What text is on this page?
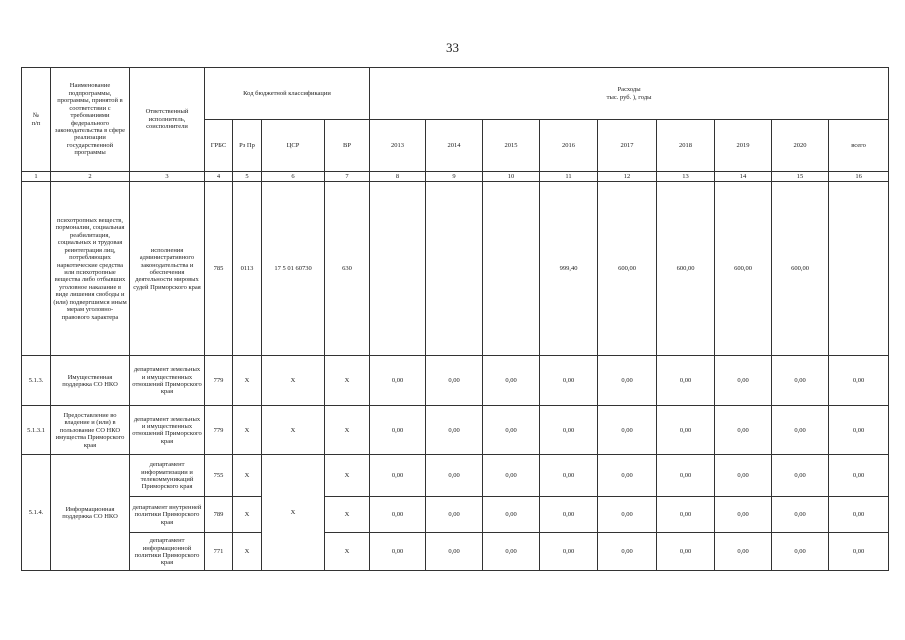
33
№
п/п	Наименование подпрограммы, программы, принятой в соответствии с требованиями федерального законодательства в сфере реализации государственной программы	Ответственный исполнитель, соисполнители	Код бюджетной классификации				Расходы
тыс. руб. ), годы								
			ГРБС	Рз Пр	ЦСР	ВР	2013	2014	2015	2016	2017	2018	2019	2020	всего
1	2	3	4	5	6	7	8	9	10	11	12	13	14	15	16
	психотропных веществ, пормоналии, социальная реабилитация, социальных и трудовая реинтеграция лиц, потребляющих наркотические средства или психотропные вещества либо отбывших уголовное наказание в виде лишения свободы и (или) подвергшимся иным мерам уголовно-правового характера	исполнения административного законодательства и обеспечения деятельности мировых судей Приморского края	785	0113	17 5 01 60730	630				999,40	600,00	600,00	600,00	600,00	
5.1.3.	Имущественная поддержка СО НКО	департамент земельных и имущественных отношений Приморского края	779	Х	Х	Х	0,00	0,00	0,00	0,00	0,00	0,00	0,00	0,00	0,00
5.1.3.1	Предоставление во владение и (или) в пользование СО НКО имущества Приморского края	департамент земельных и имущественных отношений Приморского края	779	Х	Х	Х	0,00	0,00	0,00	0,00	0,00	0,00	0,00	0,00	0,00
5.1.4.	Информационная поддержка СО НКО	департамент информатизации и телекоммуникаций Приморского края	755	Х	Х	Х	0,00	0,00	0,00	0,00	0,00	0,00	0,00	0,00	0,00
		департамент внутренней политики Приморского края	789	Х		Х	0,00	0,00	0,00	0,00	0,00	0,00	0,00	0,00	0,00
		департамент информационной политики Приморского края	771	Х		Х	0,00	0,00	0,00	0,00	0,00	0,00	0,00	0,00	0,00
